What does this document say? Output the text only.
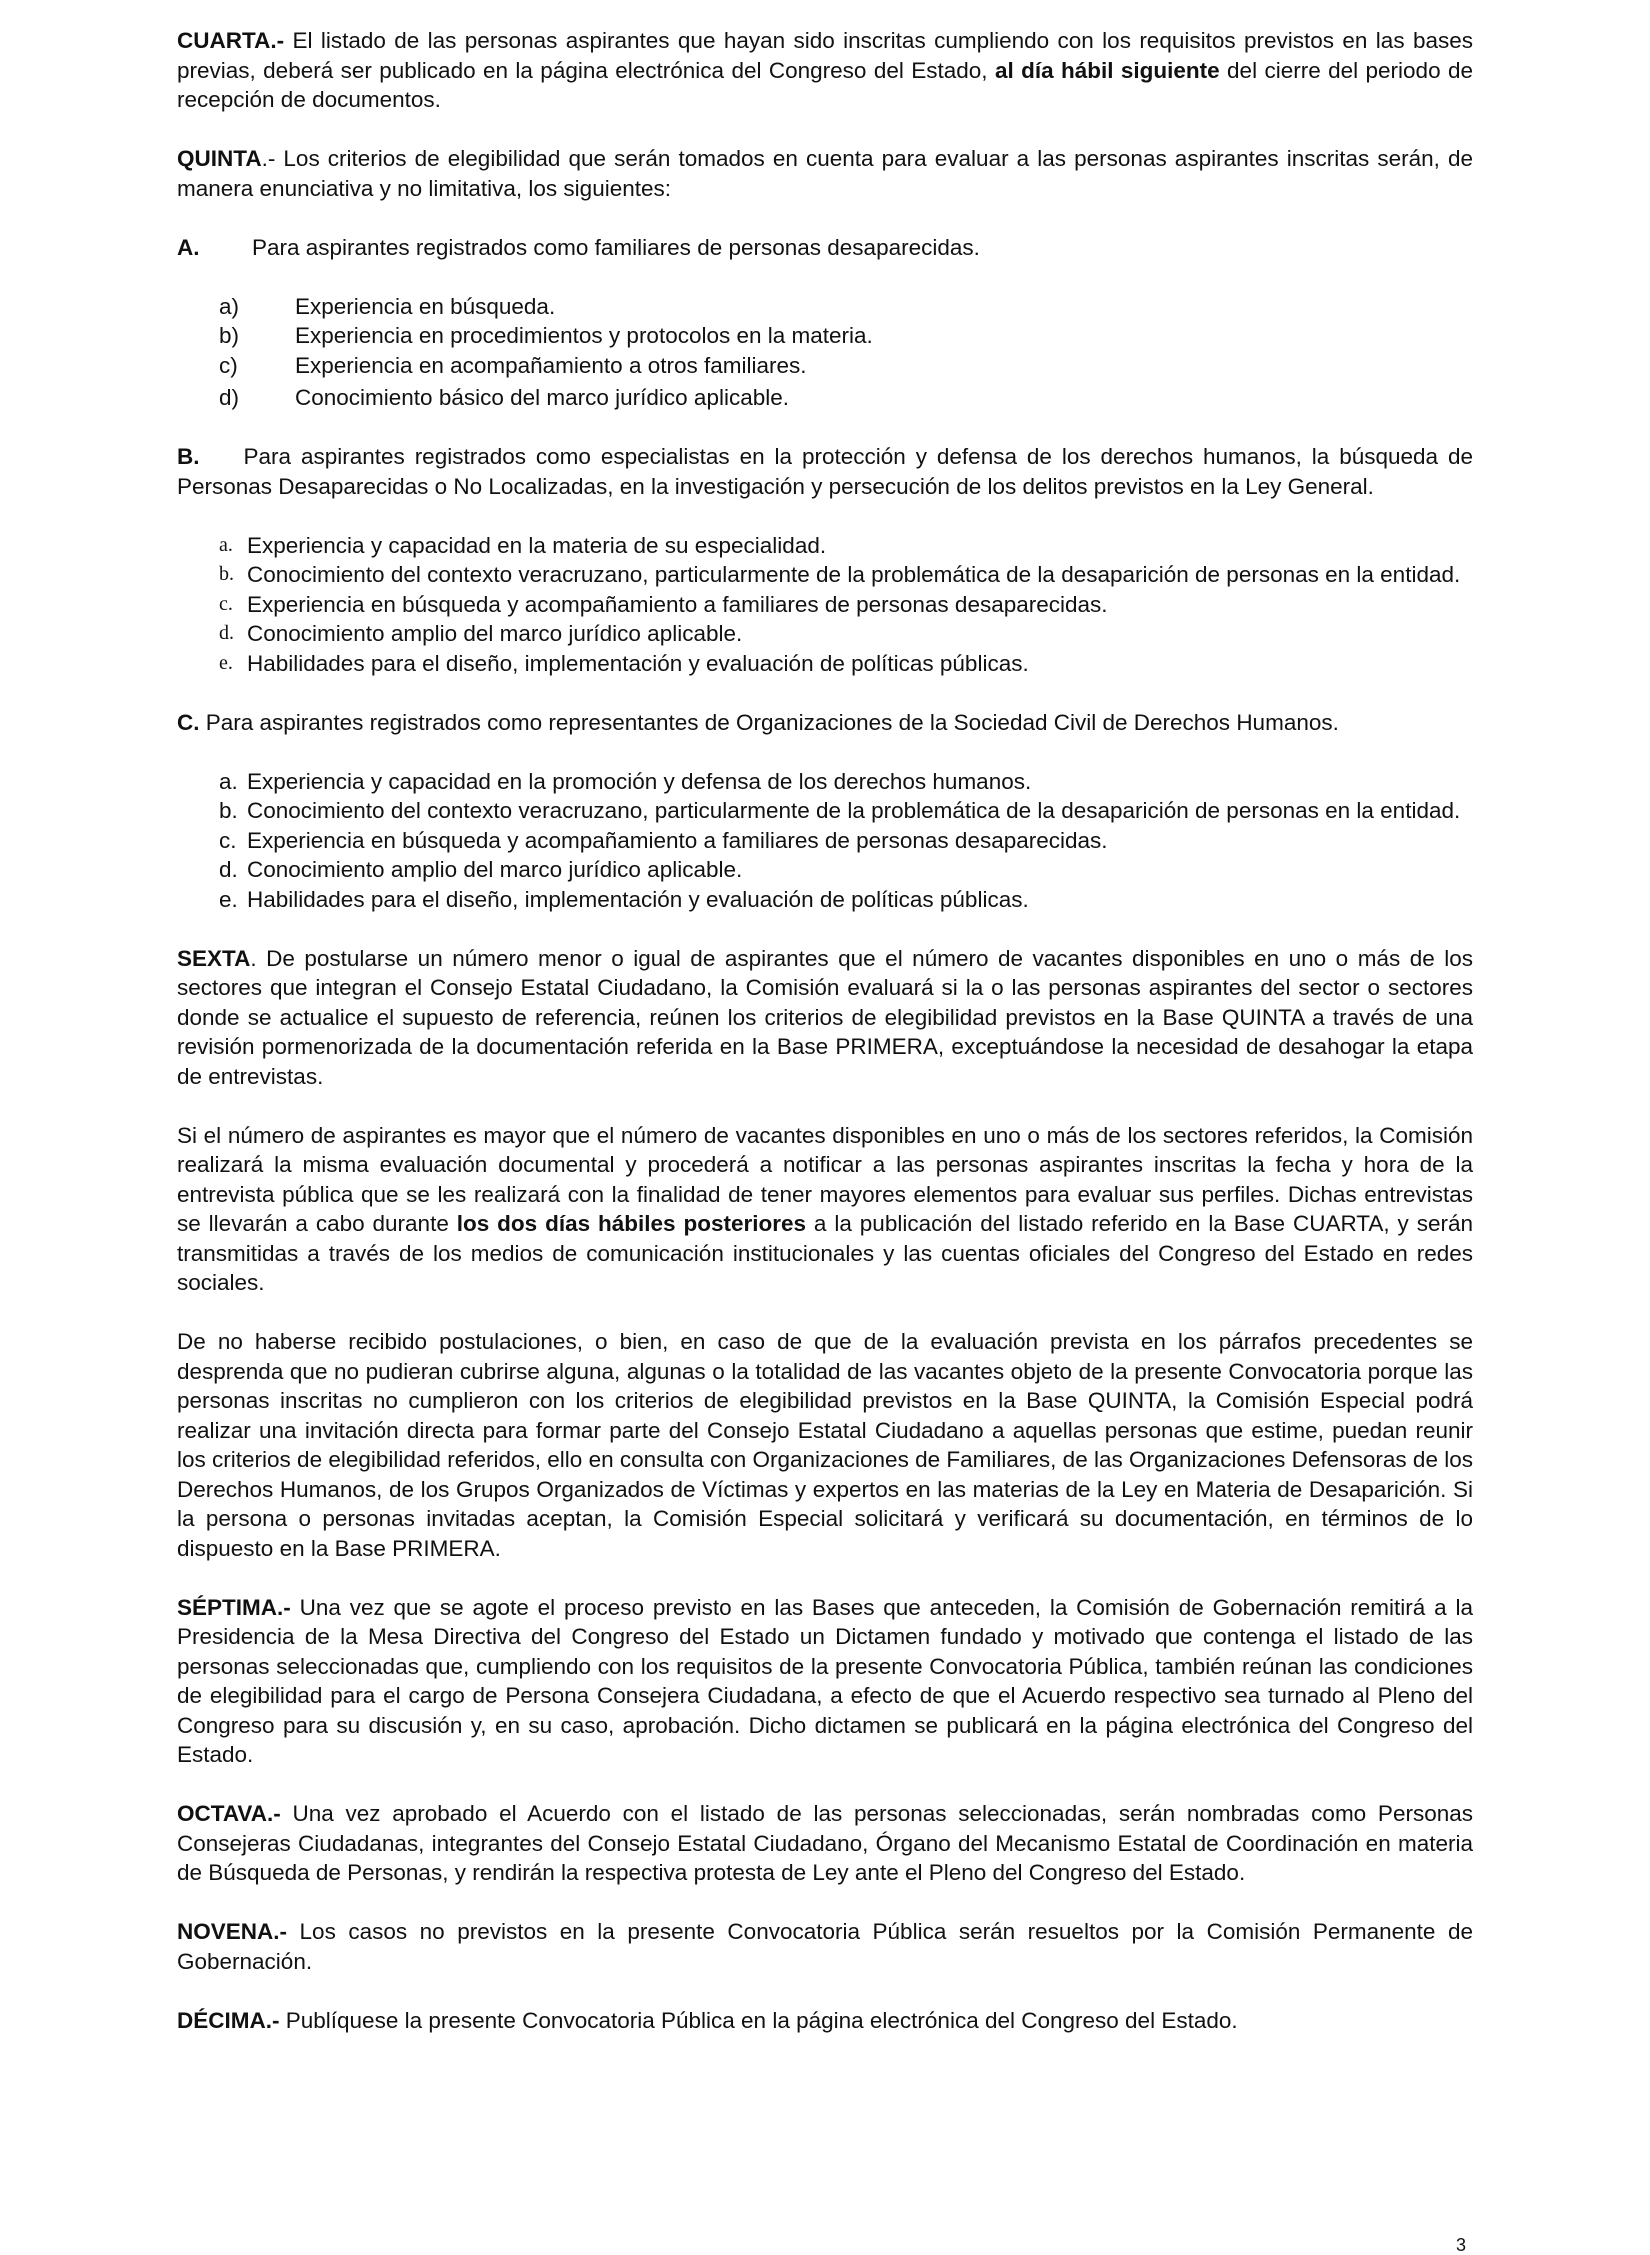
CUARTA.- El listado de las personas aspirantes que hayan sido inscritas cumpliendo con los requisitos previstos en las bases previas, deberá ser publicado en la página electrónica del Congreso del Estado, al día hábil siguiente del cierre del periodo de recepción de documentos.

QUINTA.- Los criterios de elegibilidad que serán tomados en cuenta para evaluar a las personas aspirantes inscritas serán, de manera enunciativa y no limitativa, los siguientes:

A.	Para aspirantes registrados como familiares de personas desaparecidas.
a)	Experiencia en búsqueda.
b)	Experiencia en procedimientos y protocolos en la materia.
c)	Experiencia en acompañamiento a otros familiares.
d)	Conocimiento básico del marco jurídico aplicable.

B. Para aspirantes registrados como especialistas en la protección y defensa de los derechos humanos, la búsqueda de Personas Desaparecidas o No Localizadas, en la investigación y persecución de los delitos previstos en la Ley General.

a. Experiencia y capacidad en la materia de su especialidad.
b. Conocimiento del contexto veracruzano, particularmente de la problemática de la desaparición de personas en la entidad.
c. Experiencia en búsqueda y acompañamiento a familiares de personas desaparecidas.
d. Conocimiento amplio del marco jurídico aplicable.
e. Habilidades para el diseño, implementación y evaluación de políticas públicas.

C. Para aspirantes registrados como representantes de Organizaciones de la Sociedad Civil de Derechos Humanos.

a. Experiencia y capacidad en la promoción y defensa de los derechos humanos.
b. Conocimiento del contexto veracruzano, particularmente de la problemática de la desaparición de personas en la entidad.
c. Experiencia en búsqueda y acompañamiento a familiares de personas desaparecidas.
d. Conocimiento amplio del marco jurídico aplicable.
e. Habilidades para el diseño, implementación y evaluación de políticas públicas.

SEXTA. De postularse un número menor o igual de aspirantes que el número de vacantes disponibles en uno o más de los sectores que integran el Consejo Estatal Ciudadano, la Comisión evaluará si la o las personas aspirantes del sector o sectores donde se actualice el supuesto de referencia, reúnen los criterios de elegibilidad previstos en la Base QUINTA a través de una revisión pormenorizada de la documentación referida en la Base PRIMERA, exceptuándose la necesidad de desahogar la etapa de entrevistas.

Si el número de aspirantes es mayor que el número de vacantes disponibles en uno o más de los sectores referidos, la Comisión realizará la misma evaluación documental y procederá a notificar a las personas aspirantes inscritas la fecha y hora de la entrevista pública que se les realizará con la finalidad de tener mayores elementos para evaluar sus perfiles. Dichas entrevistas se llevarán a cabo durante los dos días hábiles posteriores a la publicación del listado referido en la Base CUARTA, y serán transmitidas a través de los medios de comunicación institucionales y las cuentas oficiales del Congreso del Estado en redes sociales.

De no haberse recibido postulaciones, o bien, en caso de que de la evaluación prevista en los párrafos precedentes se desprenda que no pudieran cubrirse alguna, algunas o la totalidad de las vacantes objeto de la presente Convocatoria porque las personas inscritas no cumplieron con los criterios de elegibilidad previstos en la Base QUINTA, la Comisión Especial podrá realizar una invitación directa para formar parte del Consejo Estatal Ciudadano a aquellas personas que estime, puedan reunir los criterios de elegibilidad referidos, ello en consulta con Organizaciones de Familiares, de las Organizaciones Defensoras de los Derechos Humanos, de los Grupos Organizados de Víctimas y expertos en las materias de la Ley en Materia de Desaparición. Si la persona o personas invitadas aceptan, la Comisión Especial solicitará y verificará su documentación, en términos de lo dispuesto en la Base PRIMERA.

SÉPTIMA.- Una vez que se agote el proceso previsto en las Bases que anteceden, la Comisión de Gobernación remitirá a la Presidencia de la Mesa Directiva del Congreso del Estado un Dictamen fundado y motivado que contenga el listado de las personas seleccionadas que, cumpliendo con los requisitos de la presente Convocatoria Pública, también reúnan las condiciones de elegibilidad para el cargo de Persona Consejera Ciudadana, a efecto de que el Acuerdo respectivo sea turnado al Pleno del Congreso para su discusión y, en su caso, aprobación. Dicho dictamen se publicará en la página electrónica del Congreso del Estado.

OCTAVA.- Una vez aprobado el Acuerdo con el listado de las personas seleccionadas, serán nombradas como Personas Consejeras Ciudadanas, integrantes del Consejo Estatal Ciudadano, Órgano del Mecanismo Estatal de Coordinación en materia de Búsqueda de Personas, y rendirán la respectiva protesta de Ley ante el Pleno del Congreso del Estado.

NOVENA.- Los casos no previstos en la presente Convocatoria Pública serán resueltos por la Comisión Permanente de Gobernación.

DÉCIMA.- Publíquese la presente Convocatoria Pública en la página electrónica del Congreso del Estado.

3
